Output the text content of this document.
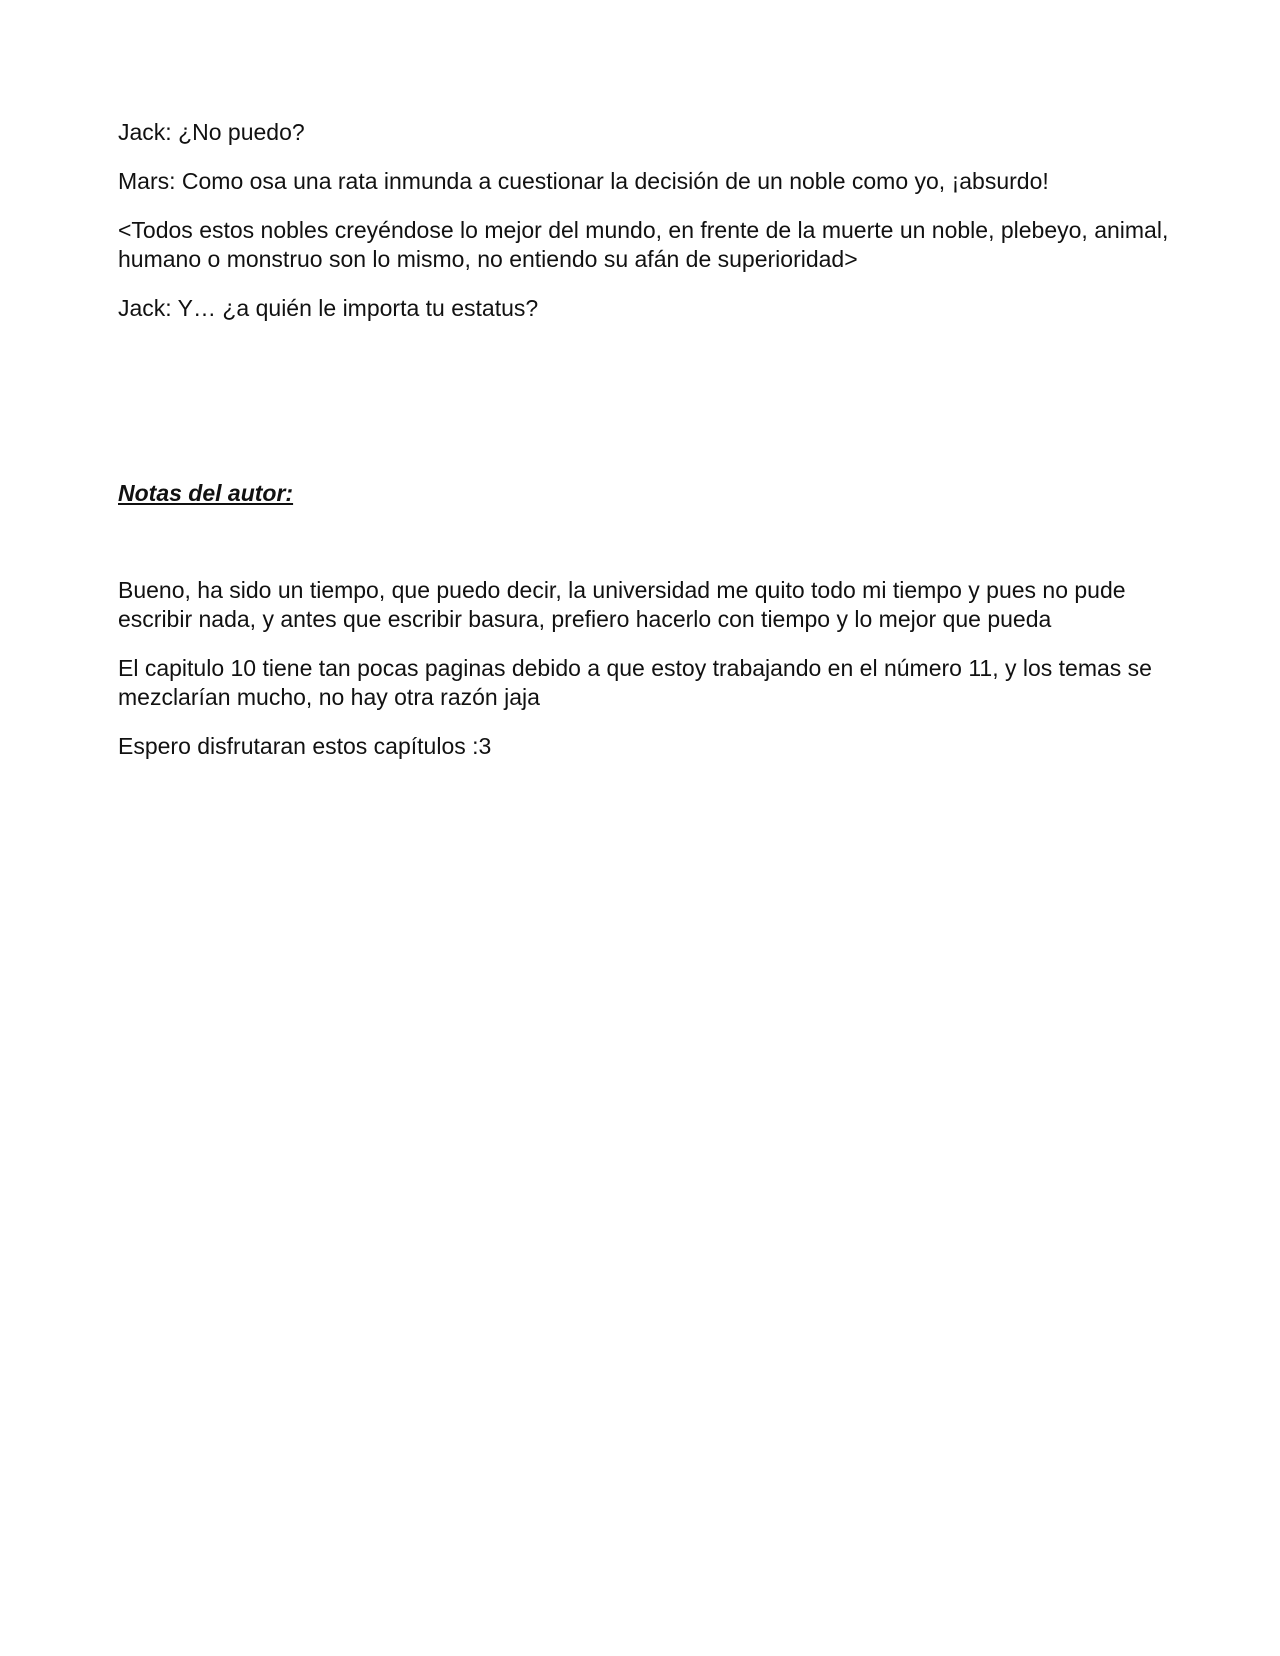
Jack: ¿No puedo?

Mars: Como osa una rata inmunda a cuestionar la decisión de un noble como yo, ¡absurdo!

<Todos estos nobles creyéndose lo mejor del mundo, en frente de la muerte un noble, plebeyo, animal, humano o monstruo son lo mismo, no entiendo su afán de superioridad>

Jack: Y… ¿a quién le importa tu estatus?

Notas del autor:

Bueno, ha sido un tiempo, que puedo decir, la universidad me quito todo mi tiempo y pues no pude escribir nada, y antes que escribir basura, prefiero hacerlo con tiempo y lo mejor que pueda

El capitulo 10 tiene tan pocas paginas debido a que estoy trabajando en el número 11, y los temas se mezclarían mucho, no hay otra razón jaja

Espero disfrutaran estos capítulos :3
